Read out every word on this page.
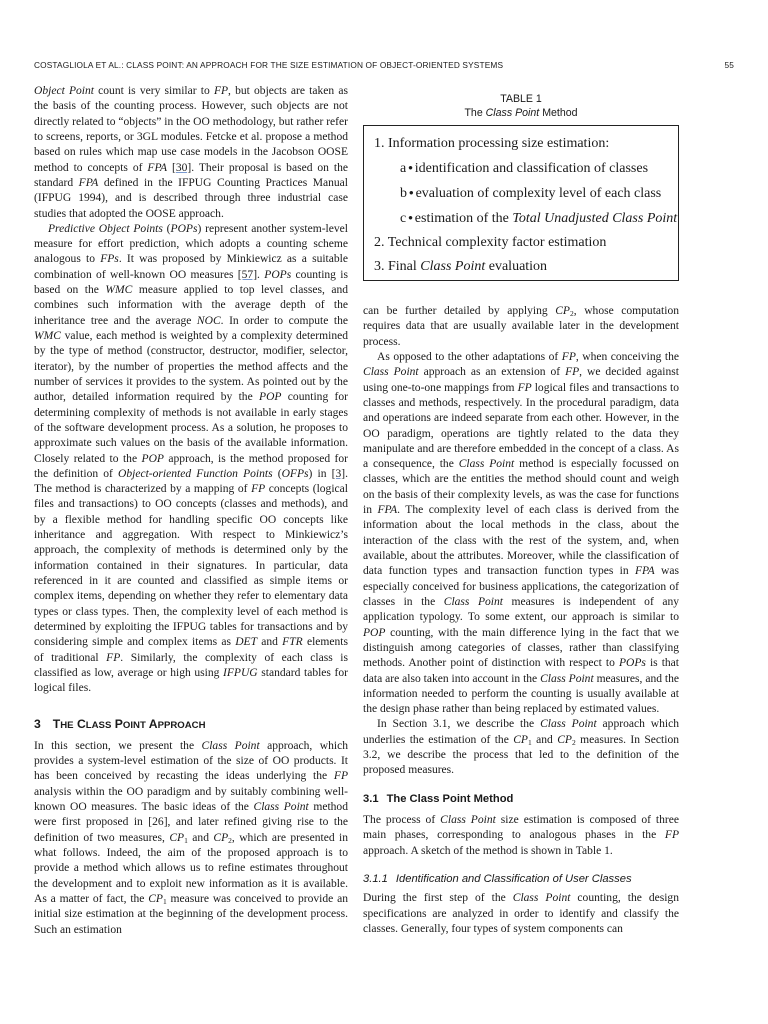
COSTAGLIOLA ET AL.: CLASS POINT: AN APPROACH FOR THE SIZE ESTIMATION OF OBJECT-ORIENTED SYSTEMS	55
TABLE 1
The Class Point Method
1. Information processing size estimation:
a • identification and classification of classes
b • evaluation of complexity level of each class
c • estimation of the Total Unadjusted Class Point
2. Technical complexity factor estimation
3. Final Class Point evaluation

Object Point count is very similar to FP, but objects are taken as the basis of the counting process. However, such objects are not directly related to “objects” in the OO methodology, but rather refer to screens, reports, or 3GL modules. Fetcke et al. propose a method based on rules which map use case models in the Jacobson OOSE method to concepts of FPA [30]. Their proposal is based on the standard FPA defined in the IFPUG Counting Practices Manual (IFPUG 1994), and is described through three industrial case studies that adopted the OOSE approach.

Predictive Object Points (POPs) represent another system-level measure for effort prediction, which adopts a counting scheme analogous to FPs. It was proposed by Minkiewicz as a suitable combination of well-known OO measures [57]. POPs counting is based on the WMC measure applied to top level classes, and combines such information with the average depth of the inheritance tree and the average NOC. In order to compute the WMC value, each method is weighted by a complexity determined by the type of method (constructor, destructor, modifier, selector, iterator), by the number of properties the method affects and the number of services it provides to the system. As pointed out by the author, detailed information required by the POP counting for determining complexity of methods is not available in early stages of the software development process. As a solution, he proposes to approximate such values on the basis of the available information. Closely related to the POP approach, is the method proposed for the definition of Object-oriented Function Points (OFPs) in [3]. The method is characterized by a mapping of FP concepts (logical files and transactions) to OO concepts (classes and methods), and by a flexible method for handling specific OO concepts like inheritance and aggregation. With respect to Minkiewicz’s approach, the complexity of methods is determined only by the information contained in their signatures. In particular, data referenced in it are counted and classified as simple items or complex items, depending on whether they refer to elementary data types or class types. Then, the complexity level of each method is determined by exploiting the IFPUG tables for transactions and by considering simple and complex items as DET and FTR elements of traditional FP. Similarly, the complexity of each class is classified as low, average or high using IFPUG standard tables for logical files.

3 THE CLASS POINT APPROACH

In this section, we present the Class Point approach, which provides a system-level estimation of the size of OO products. It has been conceived by recasting the ideas underlying the FP analysis within the OO paradigm and by suitably combining well-known OO measures. The basic ideas of the Class Point method were first proposed in [26], and later refined giving rise to the definition of two measures, $CP_1$ and $CP_2$, which are presented in what follows. Indeed, the aim of the proposed approach is to provide a method which allows us to refine estimates throughout the development and to exploit new information as it is available. As a matter of fact, the $CP_1$ measure was conceived to provide an initial size estimation at the beginning of the development process. Such an estimation

can be further detailed by applying $CP_2$, whose computation requires data that are usually available later in the development process.

As opposed to the other adaptations of FP, when conceiving the Class Point approach as an extension of FP, we decided against using one-to-one mappings from FP logical files and transactions to classes and methods, respectively. In the procedural paradigm, data and operations are indeed separate from each other. However, in the OO paradigm, operations are tightly related to the data they manipulate and are therefore embedded in the concept of a class. As a consequence, the Class Point method is especially focussed on classes, which are the entities the method should count and weigh on the basis of their complexity levels, as was the case for functions in FPA. The complexity level of each class is derived from the information about the local methods in the class, about the interaction of the class with the rest of the system, and, when available, about the attributes. Moreover, while the classification of data function types and transaction function types in FPA was especially conceived for business applications, the categorization of classes in the Class Point measures is independent of any application typology. To some extent, our approach is similar to POP counting, with the main difference lying in the fact that we distinguish among categories of classes, rather than classifying methods. Another point of distinction with respect to POPs is that data are also taken into account in the Class Point measures, and the information needed to perform the counting is usually available at the design phase rather than being replaced by estimated values.

In Section 3.1, we describe the Class Point approach which underlies the estimation of the $CP_1$ and $CP_2$ measures. In Section 3.2, we describe the process that led to the definition of the proposed measures.

3.1 The Class Point Method

The process of Class Point size estimation is composed of three main phases, corresponding to analogous phases in the FP approach. A sketch of the method is shown in Table 1.

3.1.1 Identification and Classification of User Classes

During the first step of the Class Point counting, the design specifications are analyzed in order to identify and classify the classes. Generally, four types of system components can
